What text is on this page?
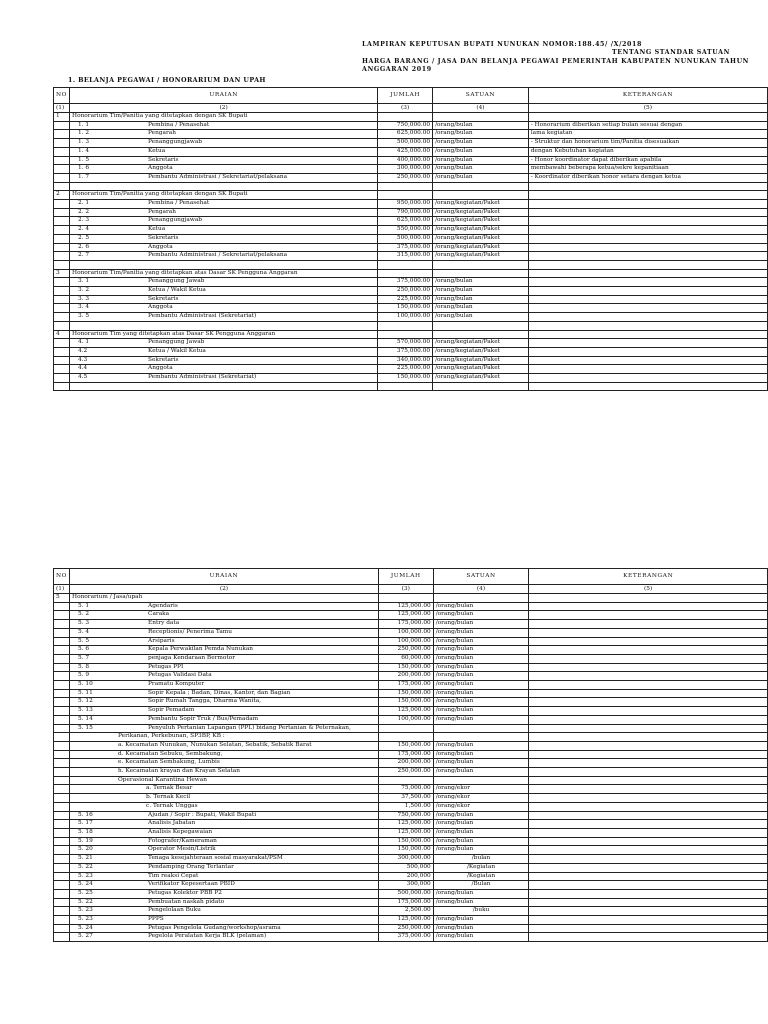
LAMPIRAN KEPUTUSAN BUPATI NUNUKAN NOMOR:188.45/ /X/2018
TENTANG STANDAR SATUAN
HARGA BARANG / JASA DAN BELANJA PEGAWAI PEMERINTAH KABUPATEN NUNUKAN TAHUN
ANGGARAN 2019
1. BELANJA PEGAWAI / HONORARIUM DAN UPAH
NO	URAIAN	JUMLAH	SATUAN	KETERANGAN
(1)	(2)	(3)	(4)	(5)
1	Honorarium Tim/Panitia yang ditetapkan dengan SK Bupati			
	1. 1 Pembina / Penasehat	750,000.00	/orang/bulan	- Honorarium diberikan setiap bulan sesuai dengan
	1. 2 Pengarah	625,000.00	/orang/bulan	lama kegiatan
	1. 3 Penanggungjawab	500,000.00	/orang/bulan	- Struktur dan honorarium tim/Panitia disesuaikan
	1. 4 Ketua	425,000.00	/orang/bulan	dengan Kebutuhan kegiatan
	1. 5 Sekretaris	400,000.00	/orang/bulan	- Honor koordinator dapat diberikan apabila
	1. 6 Anggota	300,000.00	/orang/bulan	membawahi beberapa ketua/sekre kepanitiaan
	1. 7 Pembantu Administrasi / Sekretariat/pelaksana	250,000.00	/orang/bulan	- Koordinator diberikan honor setara dengan ketua

2	Honorarium Tim/Panitia yang ditetapkan dengan SK Bupati			
	2. 1 Pembina / Penasehat	950,000.00	/orang/kegiatan/Paket	
	2. 2 Pengarah	790,000.00	/orang/kegiatan/Paket	
	2. 3 Penanggungjawab	625,000.00	/orang/kegiatan/Paket	
	2. 4 Ketua	550,000.00	/orang/kegiatan/Paket	
	2. 5 Sekretaris	500,000.00	/orang/kegiatan/Paket	
	2. 6 Anggota	375,000.00	/orang/kegiatan/Paket	
	2. 7 Pembantu Administrasi / Sekretariat/pelaksana	315,000.00	/orang/kegiatan/Paket	

3	Honorarium Tim/Panitia yang ditetapkan atas Dasar SK Pengguna Anggaran			
	3. 1 Penanggung Jawab	375,000.00	/orang/bulan	
	3. 2 Ketua / Wakil Ketua	250,000.00	/orang/bulan	
	3. 3 Sekretaris	225,000.00	/orang/bulan	
	3. 4 Anggota	150,000.00	/orang/bulan	
	3. 5 Pembantu Administrasi (Sekretariat)	100,000.00	/orang/bulan	

4	Honorarium Tim yang ditetapkan atas Dasar SK Pengguna Anggaran			
	4. 1 Penanggung Jawab	570,000.00	/orang/kegiatan/Paket	
	4.2 Ketua / Wakil Ketua	375,000.00	/orang/kegiatan/Paket	
	4.3 Sekretaris	340,000.00	/orang/kegiatan/Paket	
	4.4 Anggota	225,000.00	/orang/kegiatan/Paket	
	4.5 Pembantu Administrasi (Sekretariat)	150,000.00	/orang/kegiatan/Paket	

NO	URAIAN	JUMLAH	SATUAN	KETERANGAN
(1)	(2)	(3)	(4)	(5)
5	Honorarium / Jasa/upah			
	5. 1 Agendaris	125,000.00	/orang/bulan	
	5. 2 Caraka	125,000.00	/orang/bulan	
	5. 3 Entry data	175,000.00	/orang/bulan	
	5. 4 Receptionis/ Penerima Tamu	100,000.00	/orang/bulan	
	5. 5 Arsiparis	100,000.00	/orang/bulan	
	5. 6 Kepala Perwakilan Pemda Nunukan	250,000.00	/orang/bulan	
	5. 7 penjaga Kendaraan Bermotor	60,000.00	/orang/bulan	
	5. 8 Petugas PPI	150,000.00	/orang/bulan	
	5. 9 Petugas Validasi Data	200,000.00	/orang/bulan	
	5. 10 Pramatu Komputer	175,000.00	/orang/bulan	
	5. 11 Sopir Kepala ; Badan, Dinas, Kantor, dan Bagian	150,000.00	/orang/bulan	
	5. 12 Sopir Rumah Tangga, Dharma Wanita,	150,000.00	/orang/bulan	
	5. 13 Sopir Pemadam	125,000.00	/orang/bulan	
	5. 14 Pembantu Sopir Truk / Bus/Pemadam	100,000.00	/orang/bulan	
	5. 15 Penyuluh Pertanian Lapangan (PPL) bidang Pertanian & Peternakan,			
	Perikanan, Perkebunan, SP3BP, KB :			
	a. Kecamatan Nunukan, Nunukan Selatan, Sebatik, Sebatik Barat	150,000.00	/orang/bulan	
	d. Kecamatan Sebuku, Sembakung,	175,000.00	/orang/bulan	
	e. Kecamatan Sembakung, Lumbis	200,000.00	/orang/bulan	
	h. Kecamatan krayan dan Krayan Selatan	250,000.00	/orang/bulan	
	Operasional Karantina Hewan			
	a. Ternak Besar	75,000.00	/orang/ekor	
	b. Ternak Kecil	37,500.00	/orang/ekor	
	c. Ternak Unggas	1,500.00	/orang/ekor	
	5. 16 Ajudan / Sopir : Bupati, Wakil Bupati	750,000.00	/orang/bulan	
	5. 17 Analisis Jabatan	125,000.00	/orang/bulan	
	5. 18 Analisis Kepegawaian	125,000.00	/orang/bulan	
	5. 19 Fotografer/Kameraman	150,000.00	/orang/bulan	
	5. 20 Operator Mesin/Listrik	150,000.00	/orang/bulan	
	5. 21 Tenaga kesejahteraan sosial masyarakat/PSM	300,000.00	/bulan	
	5. 22 Pendamping Orang Terlantar	500,000	/Kegiatan	
	5. 23 Tim reaksi Cepat	200,000	/Kegiatan	
	5. 24 Verifikator Kepesertaan PBID	300,000	/Bulan	
	5. 25 Petugas Kolektor PBB P2	500,000.00	/orang/bulan	
	5. 22 Pembuatan naskah pidato	175,000.00	/orang/bulan	
	5. 23 Pengelolaan Buku	2,500.00	/buku	
	5. 23 PPPS	125,000.00	/orang/bulan	
	5. 24 Petugas Pengelola Gudang/workshop/asrama	250,000.00	/orang/bulan	
	5. 27 Pegelola Peralatan Kerja BLK (pelaman)	375,000.00	/orang/bulan	
